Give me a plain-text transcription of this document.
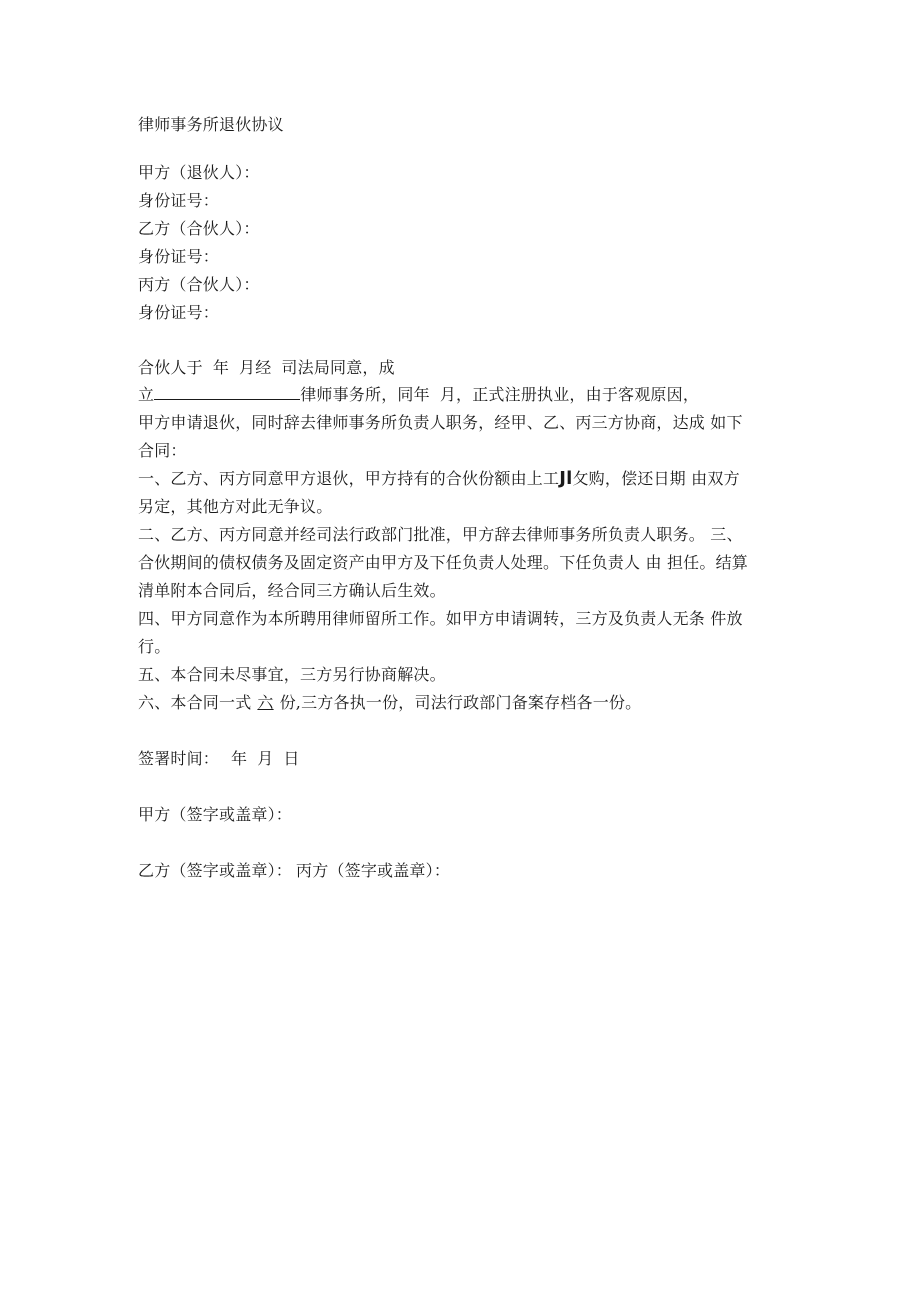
律师事务所退伙协议
甲方（退伙人）：
身份证号：
乙方（合伙人）：
身份证号：
丙方（合伙人）：
身份证号：
合伙人于 年 月经 司法局同意，成
立	律师事务所，同年 月，正式注册执业，由于客观原因，
甲方申请退伙，同时辞去律师事务所负责人职务，经甲、乙、丙三方协商，达成 如下
合同：
一、乙方、丙方同意甲方退伙，甲方持有的合伙份额由上工Jl攵购，偿还日期 由双方
另定，其他方对此无争议。
二、乙方、丙方同意并经司法行政部门批准，甲方辞去律师事务所负责人职务。 三、
合伙期间的债权债务及固定资产由甲方及下任负责人处理。下任负责人 由 担任。结算
清单附本合同后，经合同三方确认后生效。
四、甲方同意作为本所聘用律师留所工作。如甲方申请调转，三方及负责人无条 件放
行。
五、本合同未尽事宜，三方另行协商解决。
六、本合同一式 六 份,三方各执一份，司法行政部门备案存档各一份。
签署时间： 年 月 日
甲方（签字或盖章）：
乙方（签字或盖章）： 丙方（签字或盖章）：
